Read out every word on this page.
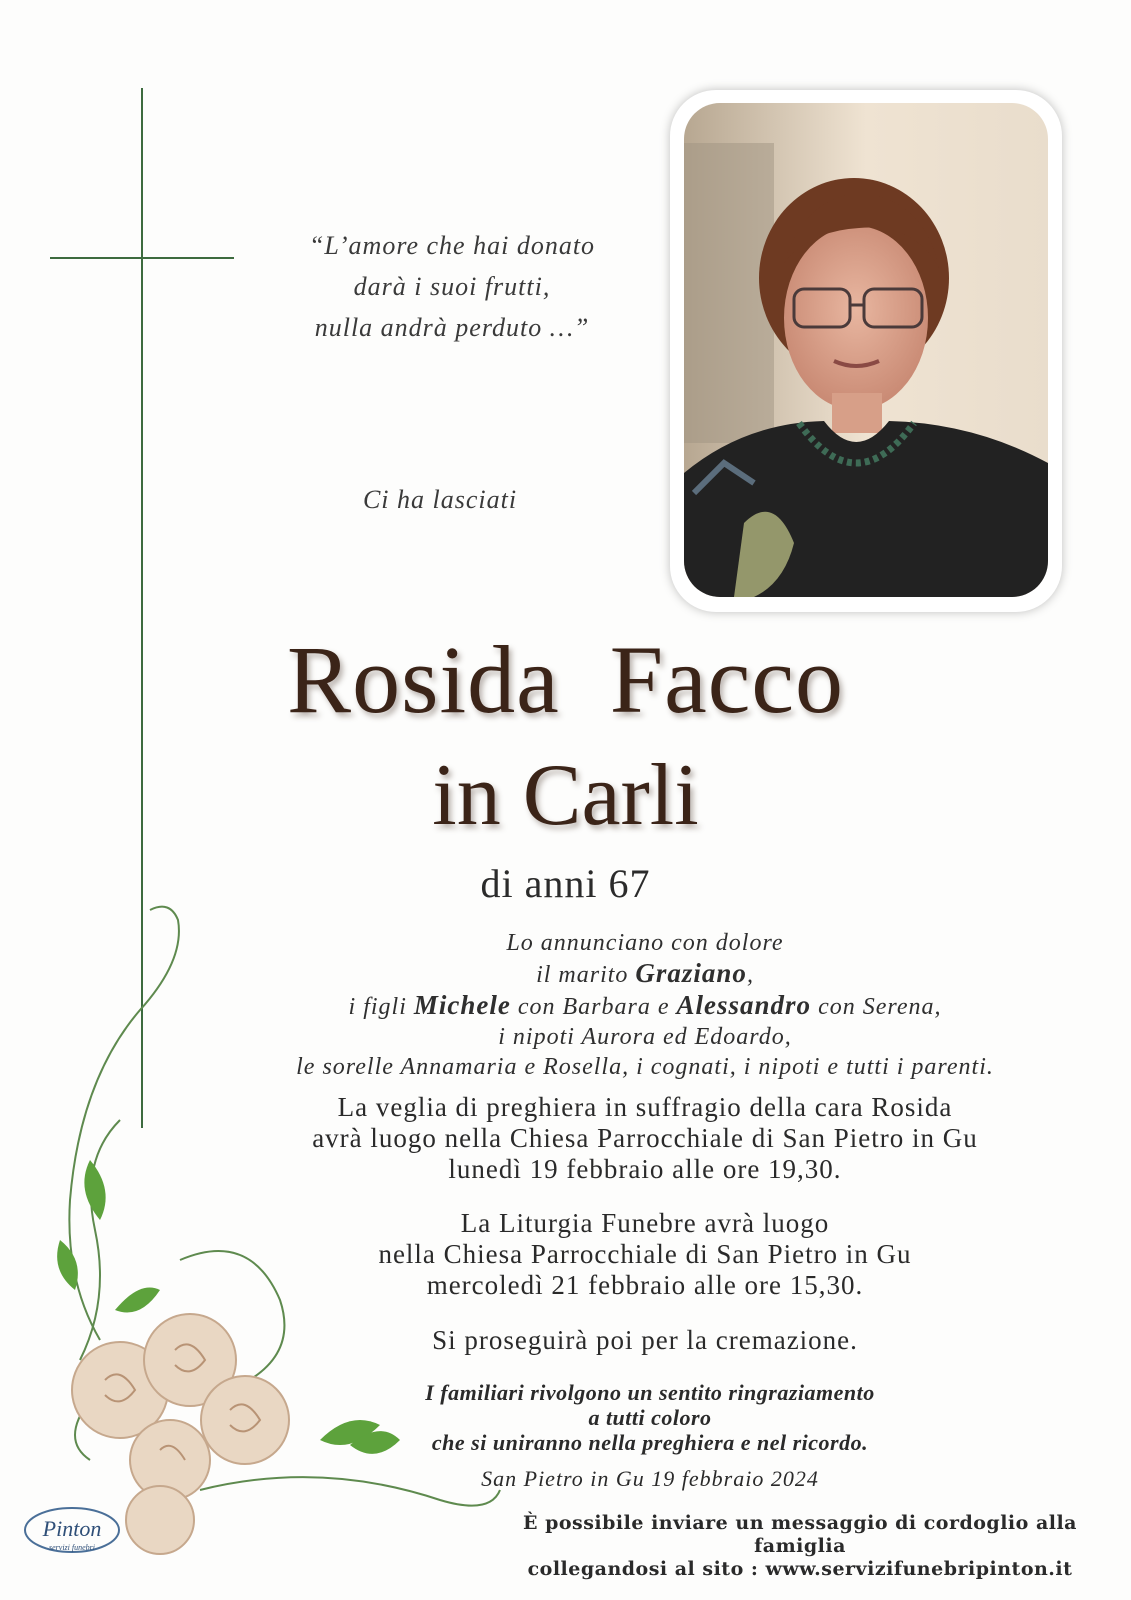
“L’amore che hai donato
darà i suoi frutti,
nulla andrà perduto …”
Ci ha lasciati
Rosida Facco
in Carli
di anni 67
Lo annunciano con dolore
il marito Graziano,
i figli Michele con Barbara e Alessandro con Serena,
i nipoti Aurora ed Edoardo,
le sorelle Annamaria e Rosella, i cognati, i nipoti e tutti i parenti.
La veglia di preghiera in suffragio della cara Rosida
avrà luogo nella Chiesa Parrocchiale di San Pietro in Gu
lunedì 19 febbraio alle ore 19,30.
La Liturgia Funebre avrà luogo
nella Chiesa Parrocchiale di San Pietro in Gu
mercoledì 21 febbraio alle ore 15,30.
Si proseguirà poi per la cremazione.
I familiari rivolgono un sentito ringraziamento
a tutti coloro
che si uniranno nella preghiera e nel ricordo.
San Pietro in Gu 19 febbraio 2024
È possibile inviare un messaggio di cordoglio alla famiglia
collegandosi al sito : www.servizifunebripinton.it
Pinton
servizi funebri
